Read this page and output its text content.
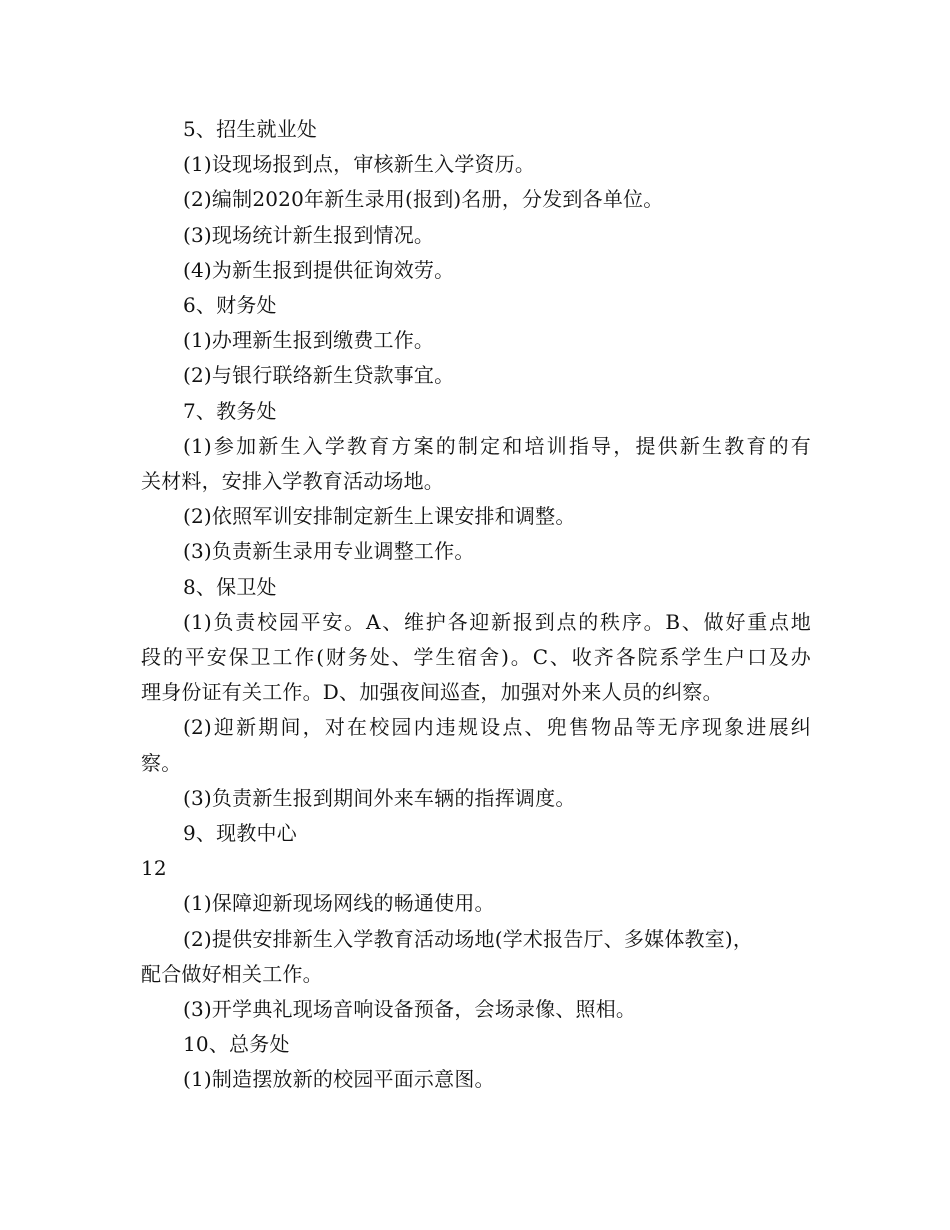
5、招生就业处
(1)设现场报到点，审核新生入学资历。
(2)编制2020年新生录用(报到)名册，分发到各单位。
(3)现场统计新生报到情况。
(4)为新生报到提供征询效劳。
6、财务处
(1)办理新生报到缴费工作。
(2)与银行联络新生贷款事宜。
7、教务处
(1)参加新生入学教育方案的制定和培训指导，提供新生教育的有
关材料，安排入学教育活动场地。
(2)依照军训安排制定新生上课安排和调整。
(3)负责新生录用专业调整工作。
8、保卫处
(1)负责校园平安。A、维护各迎新报到点的秩序。B、做好重点地
段的平安保卫工作(财务处、学生宿舍)。C、收齐各院系学生户口及办
理身份证有关工作。D、加强夜间巡查，加强对外来人员的纠察。
(2)迎新期间，对在校园内违规设点、兜售物品等无序现象进展纠
察。
(3)负责新生报到期间外来车辆的指挥调度。
9、现教中心
12
(1)保障迎新现场网线的畅通使用。
(2)提供安排新生入学教育活动场地(学术报告厅、多媒体教室)，
配合做好相关工作。
(3)开学典礼现场音响设备预备，会场录像、照相。
10、总务处
(1)制造摆放新的校园平面示意图。
